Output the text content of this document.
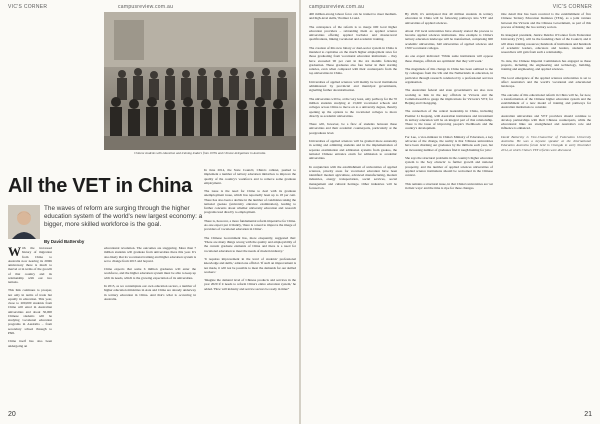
VIC'S CORNER	campusreview.com.au
Chinese students with education and training leaders from 1970s and Chinese delegations in Australia.
All the VET in China
The waves of reform are surging through the higher education system of the world's new largest economy: a bigger, more skilled workforce is the goal.
By David Battersby

With the increased history of migration from China to Australia now nearing its 200th anniversary there is much to marvel at in terms of the growth of that country and its relationship with our two nations.

This link continues to prosper, not only in terms of trade but equally in education. This year, close to 200,000 students from China will enrol in Australian universities and about 30,000 Chinese students will be studying vocational education programs in Australia – from secondary school through to PhD.

China itself has also been undergoing an

educational revolution. The outcomes are staggering. More than 7 million students will graduate from universities there this year. It's also likely that its vocational training and higher education system is set to change from 2015 and beyond.

China expects that some 6 million graduates will enter the workforce, and the higher education system must be able to keep up with its needs, which is the growing expectation of its universities.

In 2015, as we contemplate our own education sectors, a number of higher education ministries in Asia and China are already underway in tertiary education in China. And that's what is occurring in Australia.

In June 2014, the State Council, China's cabinet, pushed to implement a number of tertiary education initiatives to improve the quality of the country's workforce and to remove some graduate employment.

The issue is the need for China to deal with its graduate unemployment issue, which has reportedly been up to 18 per cent. There has also been a decline in the number of candidates taking the national gaokao (university entrance examination), leading to further concerns about whether university education and research programs lead directly to employment.

There is, however, a more fundamental reform imperative for China. As one expert put it bluntly, 'there is a need to improve the image of providers of vocational education in China'.

The Chinese Government has, more eloquently, suggested that: 'There are many things wrong with the quality and employability of the current graduate elements of China and there is a need for vocational education to meet the needs of modern industry.'

'It requires improvement in the level of students' professional knowledge and skills,' added one official. 'If such an improvement is not made, it will not be possible to meet the demands for our skilled workers.'

'Imagine the demand level of Chinese products and services in the year 2020 if it needs to reform China's entire education system,' he added. 'How will industry and service sectors be ready in time?'

20
campusreview.com.au	VIC'S CORNER

400 million-strong labour force can be trained to meet medium- and high-level skills,' Premier Li said.

The centrepiece of the reform is to merge 600 local higher education providers – rebranding them as applied science universities offering applied bachelor and master-level qualifications, linking vocational and academic training.

The creation of this new binary or dual-sector system in China is intended to capitalise on the much higher employment rates for those graduating from vocational education institutions – they have exceeded 90 per cent in the six months following graduation. These graduates also fare better in their starting salaries, even when compared with their counterparts from the top universities in China.

Universities of applied sciences will mainly be local institutions administered by provincial and municipal governments, signalling further decentralisation.

The universities will be, at the very least, only pathway for the 70 million students studying at 13,600 vocational schools and colleges across China to move on to a university degree, thereby opening up the options to the vocational colleges to move directly as academic universities.

There will, however, be a flow of students between these universities and their academic counterparts, particularly at the postgraduate level.

Universities of applied sciences will be granted more autonomy in setting and admitting students and in the implementation of separate examination and admission systems from gaokao, the national Chinese entrance exam for admission to academic universities.

In conjunction with the establishment of universities of applied sciences, priority areas for vocational education have been identified: modern agriculture, advanced manufacturing, modern industries, energy transportation, social services, social management and cultural heritage. Other industries will be focused on.

By 2020, it's anticipated that 40 million students in tertiary education in China will be following pathways into VET and universities of applied sciences.

About 150 local universities have already started the process to become applied sciences institutions. One example is China's tertiary education landscape will be transformed, comprising 600 academic universities, 640 universities of applied sciences and 1500 vocational colleges.

As one expert indicated: 'While some institutions will oppose these changes, officials are optimistic that they will work.'

The magnitude of this change in China has been outlined to me by colleagues from the UK and the Netherlands in education, in particular through research conducted by a professional services organisation.

The Australian federal and state government's are also now working to link in the key officials in Victoria and the Commonwealth to gauge the implications for Victoria's VET, for Beijing and Chongqing.

The connection of the central leadership in China, including Premier Li Keqiang, with Australian institutions and investment in tertiary education will be an integral part of that relationship. There is the issue of improving people's livelihoods and the country's development.

For Luo, a vice-minister in China's Ministry of Education, a key advocate of the change, the reality is that 'Chinese universities have been churning out graduates by the millions each year, but an increasing number of graduates find it tough hunting for jobs.'

She says the structural problems in the country's higher education system is the 'key obstacle' to further growth and national prosperity, and the number of applied sciences universities of applied science institutions should be welcomed in the Chinese context.

This remains a structural issue, in that China's universities are 'set in their ways' and the time is ripe for these changes.

One detail that has been received is the establishment of five Chinese Tertiary Education Institutes (TEIs), as a joint venture between the Victoria and the Chinese Government, as part of this process of linking the two tertiary sectors.

Its inaugural president, Justice Deirdre O'Connor from Federation University (VIC), will be the founding chair of the Council, and it will share training resources; hundreds of institutions and hundreds of academic leaders, educators and leaders, students and researchers will gain from such a relationship.

To date, the Chinese Imperial Commission has engaged as these projects, including the engineering and technology, building, training and engineering, and applied sciences.

The local emergence of the applied sciences universities is set to affect Australia's and the world's vocational and educational landscape.

The outcome of this educational reform in China will be, for now, a transformation of the Chinese higher education system and the establishment of a new model of training and pathways for Australian institutions to consider.

Australian universities and VET providers should continue to develop partnerships with their Chinese counterparts, while the educational links are strengthened and Australia's role and influence is enhanced.

David Battersby is Vice-Chancellor of Federation University Australia. He was a keynote speaker at the International Education Australia forum held in Chengdu in early November 2014, at which China's VET reforms were discussed.

21
